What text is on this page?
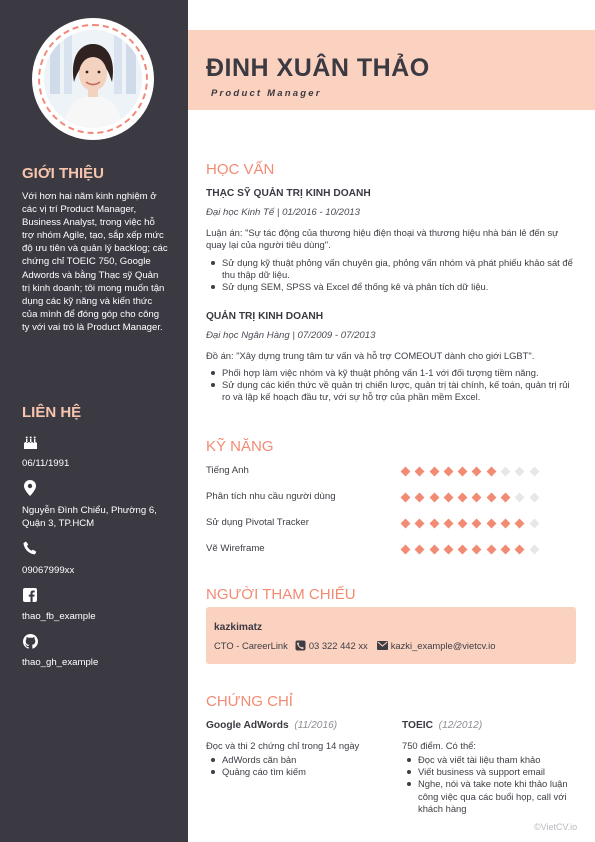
ĐINH XUÂN THẢO
Product Manager
GIỚI THIỆU
Với hơn hai năm kinh nghiệm ở các vị trí Product Manager, Business Analyst, trong việc hỗ trợ nhóm Agile, tạo, sắp xếp mức độ ưu tiên và quản lý backlog; các chứng chỉ TOEIC 750, Google Adwords và bằng Thạc sỹ Quản trị kinh doanh; tôi mong muốn tận dụng các kỹ năng và kiến thức của mình để đóng góp cho công ty với vai trò là Product Manager.
LIÊN HỆ
06/11/1991
Nguyễn Đình Chiểu, Phường 6, Quận 3, TP.HCM
09067999xx
thao_fb_example
thao_gh_example
HỌC VẤN
THẠC SỸ QUẢN TRỊ KINH DOANH
Đại học Kinh Tế | 01/2016 - 10/2013
Luận án: "Sự tác động của thương hiệu điện thoại và thương hiệu nhà bán lẻ đến sự quay lại của người tiêu dùng".
Sử dụng kỹ thuật phỏng vấn chuyên gia, phỏng vấn nhóm và phát phiếu khảo sát để thu thập dữ liệu.
Sử dụng SEM, SPSS và Excel để thống kê và phân tích dữ liệu.
QUẢN TRỊ KINH DOANH
Đại học Ngân Hàng | 07/2009 - 07/2013
Đồ án: "Xây dựng trung tâm tư vấn và hỗ trợ COMEOUT dành cho giới LGBT".
Phối hợp làm việc nhóm và kỹ thuật phỏng vấn 1-1 với đối tượng tiềm năng.
Sử dụng các kiến thức về quản trị chiến lược, quản trị tài chính, kế toán, quản trị rủi ro và lập kế hoạch đầu tư, với sự hỗ trợ của phần mềm Excel.
KỸ NĂNG
Tiếng Anh
Phân tích nhu cầu người dùng
Sử dụng Pivotal Tracker
Vẽ Wireframe
NGƯỜI THAM CHIẾU
kazkimatz
CTO - CareerLink 03 322 442 xx kazki_example@vietcv.io
CHỨNG CHỈ
Google AdWords (11/2016)
Đọc và thi 2 chứng chỉ trong 14 ngày
AdWords căn bản
Quảng cáo tìm kiếm
TOEIC (12/2012)
750 điểm. Có thể:
Đọc và viết tài liệu tham khảo
Viết business và support email
Nghe, nói và take note khi thảo luận công việc qua các buổi họp, call với khách hàng
©VietCV.io
